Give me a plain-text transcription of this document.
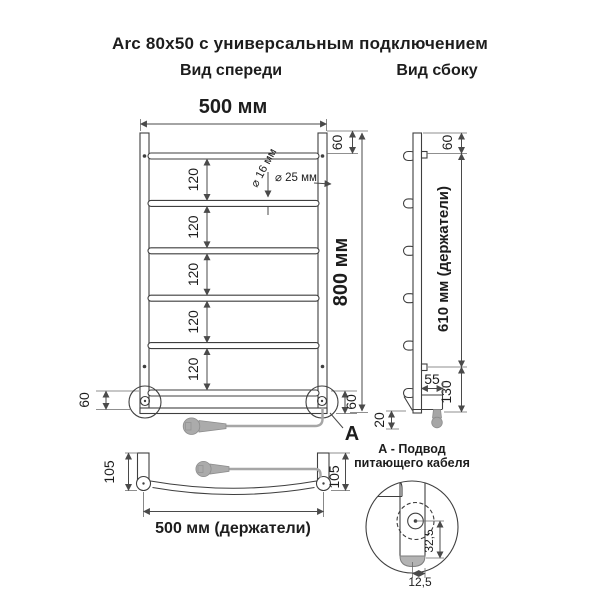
Arc 80x50 с универсальным подключением
Вид спереди	Вид сбоку
500 мм
800 мм
60
120
120
120
120
120
⌀ 16 мм
⌀ 25 мм
60	60
A
60
610 мм (держатели)
130
55
20
А - Подвод
питающего кабеля
105	105
500 мм (держатели)
32,5
12,5
